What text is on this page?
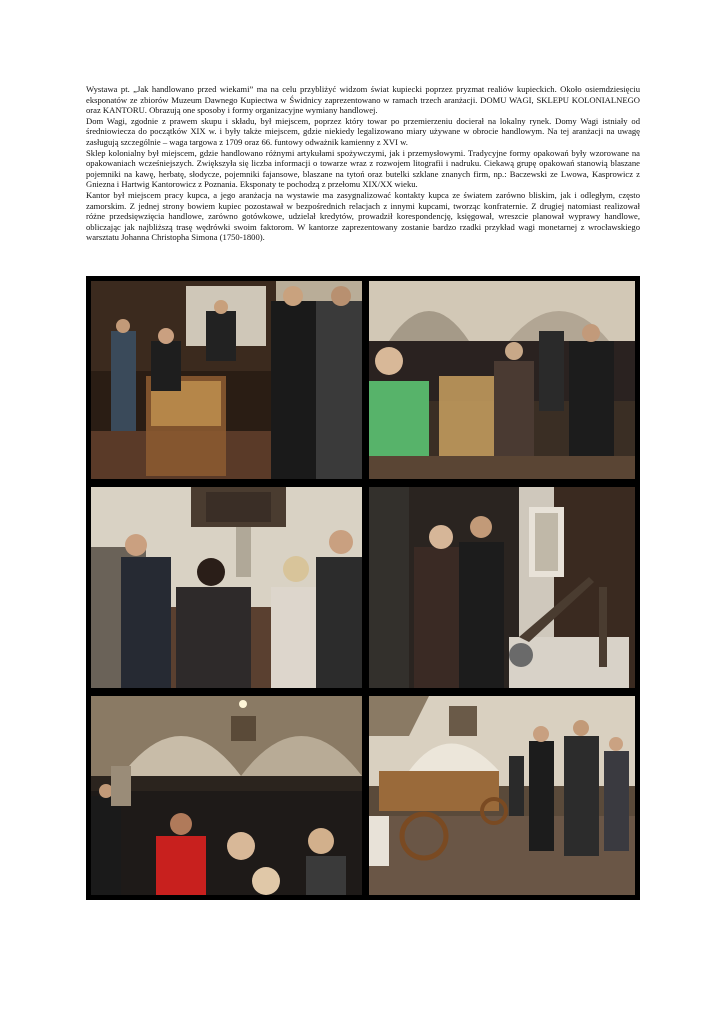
Wystawa pt. „Jak handlowano przed wiekami” ma na celu przybliżyć widzom świat kupiecki poprzez pryzmat realiów kupieckich. Około osiemdziesięciu eksponatów ze zbiorów Muzeum Dawnego Kupiectwa w Świdnicy zaprezentowano w ramach trzech aranżacji. DOMU WAGI, SKLEPU KOLONIALNEGO oraz KANTORU. Obrazują one sposoby i formy organizacyjne wymiany handlowej.

Dom Wagi, zgodnie z prawem skupu i składu, był miejscem, poprzez który towar po przemierzeniu docierał na lokalny rynek. Domy Wagi istniały od średniowiecza do początków XIX w. i były także miejscem, gdzie niekiedy legalizowano miary używane w obrocie handlowym. Na tej aranżacji na uwagę zasługują szczególnie – waga targowa z 1709 oraz 66. funtowy odważnik kamienny z XVI w.

Sklep kolonialny był miejscem, gdzie handlowano różnymi artykułami spożywczymi, jak i przemysłowymi. Tradycyjne formy opakowań były wzorowane na opakowaniach wcześniejszych. Zwiększyła się liczba informacji o towarze wraz z rozwojem litografii i nadruku. Ciekawą grupę opakowań stanowią blaszane pojemniki na kawę, herbatę, słodycze, pojemniki fajansowe, blaszane na tytoń oraz butelki szklane znanych firm, np.: Baczewski ze Lwowa, Kasprowicz z Gniezna i Hartwig Kantorowicz z Poznania. Eksponaty te pochodzą z przełomu XIX/XX wieku.

Kantor był miejscem pracy kupca, a jego aranżacja na wystawie ma zasygnalizować kontakty kupca ze światem zarówno bliskim, jak i odległym, często zamorskim. Z jednej strony bowiem kupiec pozostawał w bezpośrednich relacjach z innymi kupcami, tworząc konfraternie. Z drugiej natomiast realizował różne przedsięwzięcia handlowe, zarówno gotówkowe, udzielał kredytów, prowadził korespondencję, księgował, wreszcie planował wyprawy handlowe, obliczając jak najbliższą trasę wędrówki swoim faktorom. W kantorze zaprezentowany zostanie bardzo rzadki przykład wagi monetarnej z wrocławskiego warsztatu Johanna Christopha Simona (1750-1800).
